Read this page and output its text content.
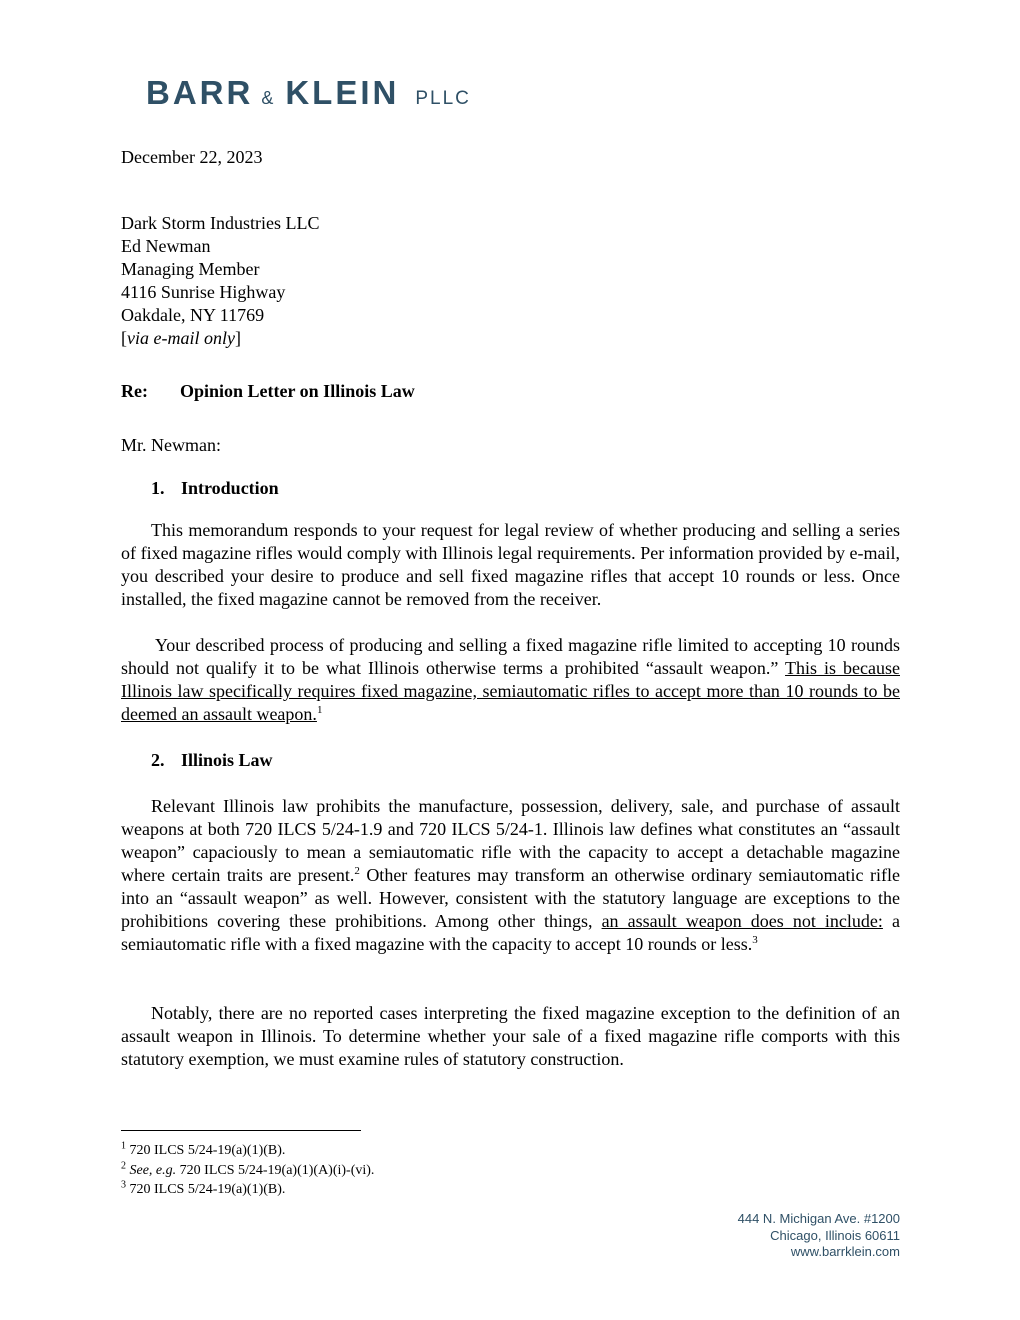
BARR & KLEIN PLLC
December 22, 2023
Dark Storm Industries LLC
Ed Newman
Managing Member
4116 Sunrise Highway
Oakdale, NY 11769
[via e-mail only]
Re: Opinion Letter on Illinois Law
Mr. Newman:
1. Introduction
This memorandum responds to your request for legal review of whether producing and selling a series of fixed magazine rifles would comply with Illinois legal requirements. Per information provided by e-mail, you described your desire to produce and sell fixed magazine rifles that accept 10 rounds or less. Once installed, the fixed magazine cannot be removed from the receiver.
Your described process of producing and selling a fixed magazine rifle limited to accepting 10 rounds should not qualify it to be what Illinois otherwise terms a prohibited “assault weapon.” This is because Illinois law specifically requires fixed magazine, semiautomatic rifles to accept more than 10 rounds to be deemed an assault weapon.$^1$
2. Illinois Law
Relevant Illinois law prohibits the manufacture, possession, delivery, sale, and purchase of assault weapons at both 720 ILCS 5/24-1.9 and 720 ILCS 5/24-1. Illinois law defines what constitutes an “assault weapon” capaciously to mean a semiautomatic rifle with the capacity to accept a detachable magazine where certain traits are present.$^2$ Other features may transform an otherwise ordinary semiautomatic rifle into an “assault weapon” as well. However, consistent with the statutory language are exceptions to the prohibitions covering these prohibitions. Among other things, an assault weapon does not include: a semiautomatic rifle with a fixed magazine with the capacity to accept 10 rounds or less.$^3$
Notably, there are no reported cases interpreting the fixed magazine exception to the definition of an assault weapon in Illinois. To determine whether your sale of a fixed magazine rifle comports with this statutory exemption, we must examine rules of statutory construction.
$^1$ 720 ILCS 5/24-19(a)(1)(B).
$^2$ See, e.g. 720 ILCS 5/24-19(a)(1)(A)(i)-(vi).
$^3$ 720 ILCS 5/24-19(a)(1)(B).
444 N. Michigan Ave. #1200
Chicago, Illinois 60611
www.barrklein.com
